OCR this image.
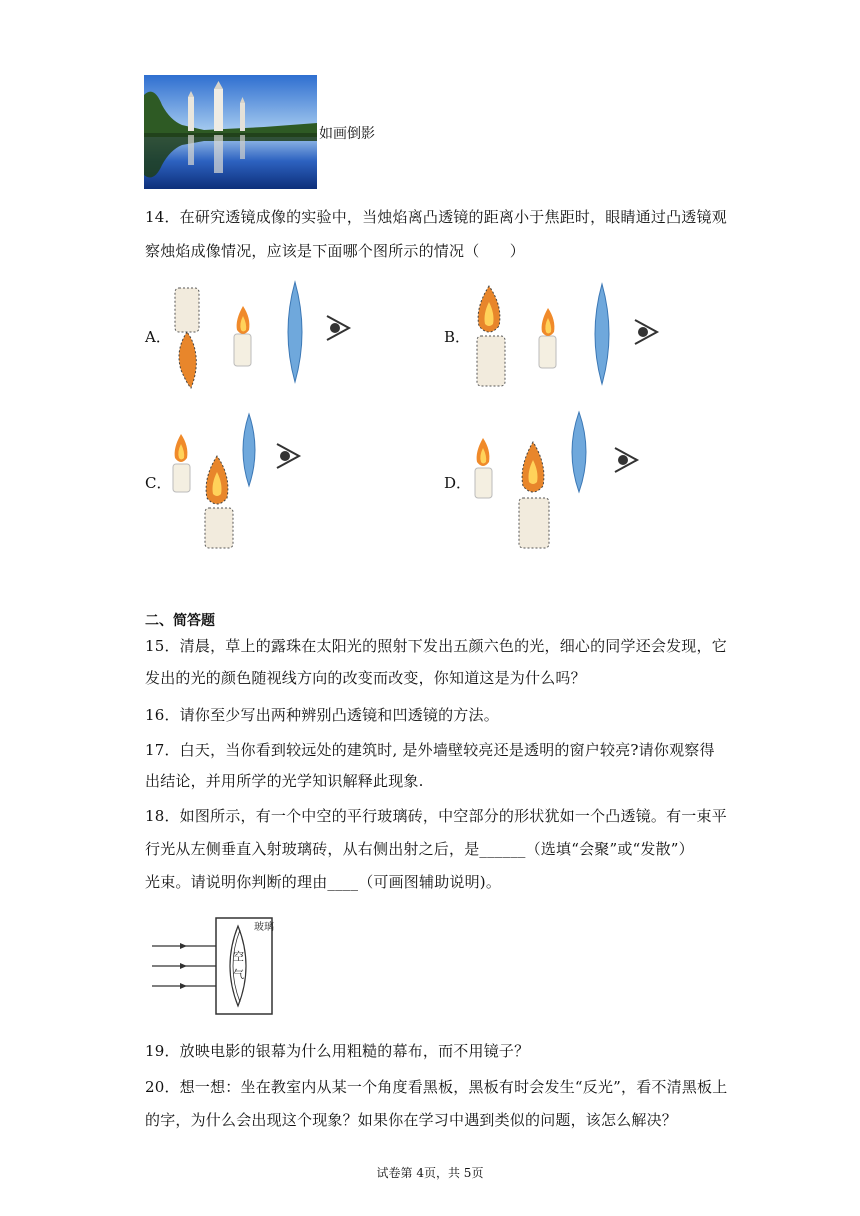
如画倒影
14．在研究透镜成像的实验中，当烛焰离凸透镜的距离小于焦距时，眼睛通过凸透镜观
察烛焰成像情况，应该是下面哪个图所示的情况（　　）
A．	B．
C．	D．
二、简答题
15．清晨，草上的露珠在太阳光的照射下发出五颜六色的光，细心的同学还会发现，它
发出的光的颜色随视线方向的改变而改变，你知道这是为什么吗？
16．请你至少写出两种辨别凸透镜和凹透镜的方法。
17．白天，当你看到较远处的建筑时, 是外墙壁较亮还是透明的窗户较亮?请你观察得
出结论，并用所学的光学知识解释此现象.
18．如图所示，有一个中空的平行玻璃砖，中空部分的形状犹如一个凸透镜。有一束平
行光从左侧垂直入射玻璃砖，从右侧出射之后，是______（选填“会聚”或“发散”）
光束。请说明你判断的理由____（可画图辅助说明)。
玻璃
空
气
19．放映电影的银幕为什么用粗糙的幕布，而不用镜子？
20．想一想：坐在教室内从某一个角度看黑板，黑板有时会发生“反光”，看不清黑板上
的字，为什么会出现这个现象？如果你在学习中遇到类似的问题，该怎么解决？
试卷第 4页，共 5页
